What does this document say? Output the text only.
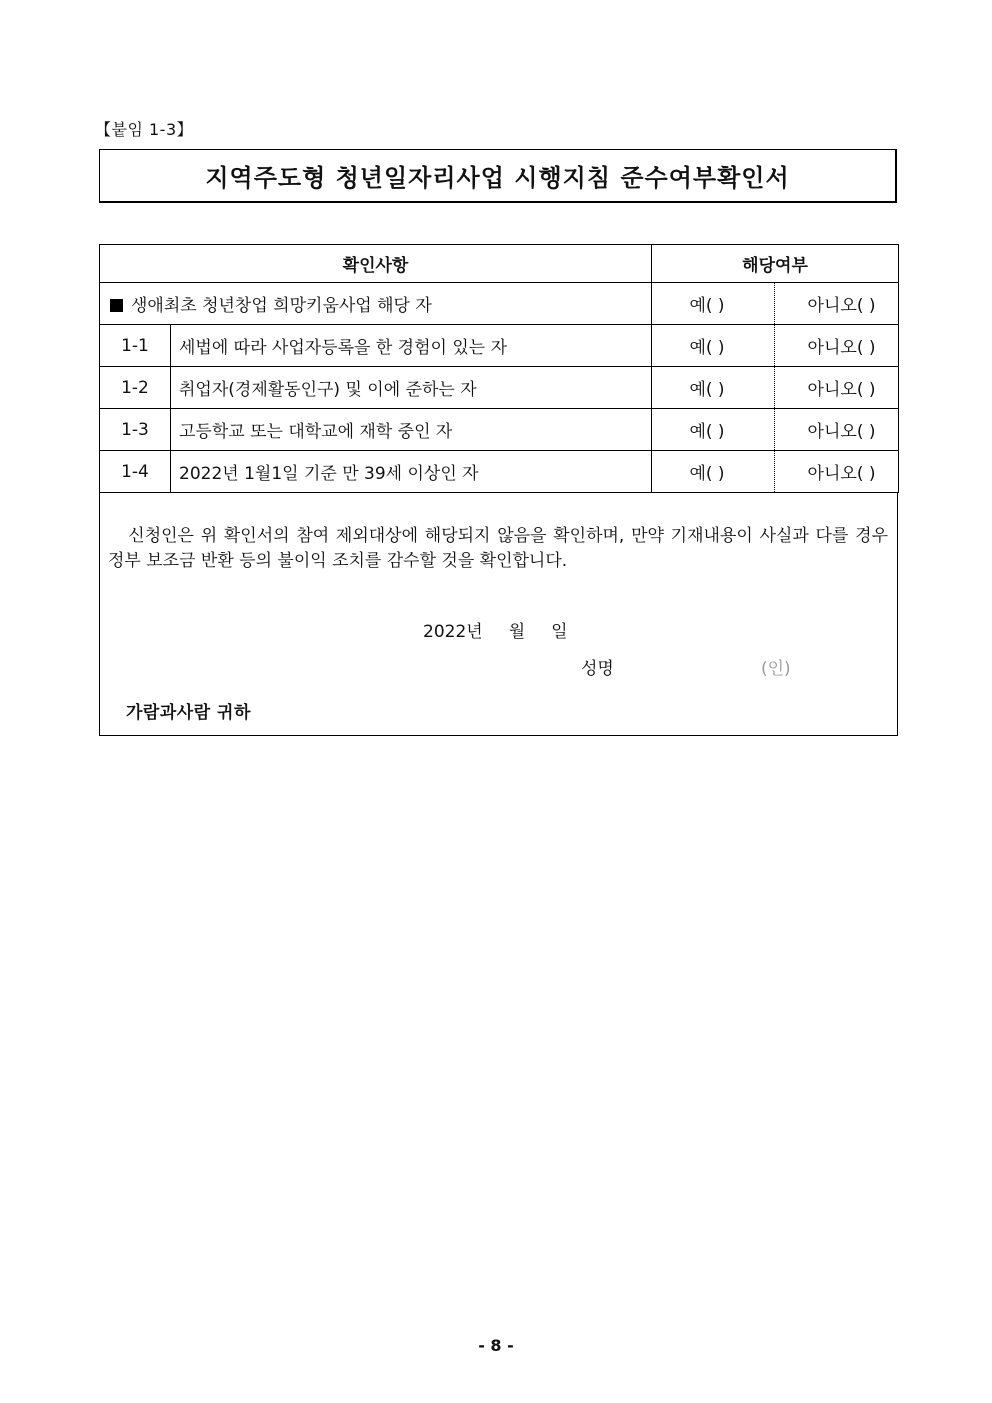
【붙임 1-3】
지역주도형 청년일자리사업 시행지침 준수여부확인서
확인사항		해당여부	
생애최초 청년창업 희망키움사업 해당 자		예( )	아니오( )
1-1	세법에 따라 사업자등록을 한 경험이 있는 자	예( )	아니오( )
1-2	취업자(경제활동인구) 및 이에 준하는 자	예( )	아니오( )
1-3	고등학교 또는 대학교에 재학 중인 자	예( )	아니오( )
1-4	2022년 1월1일 기준 만 39세 이상인 자	예( )	아니오( )
신청인은 위 확인서의 참여 제외대상에 해당되지 않음을 확인하며, 만약 기재내용이 사실과 다를 경우 정부 보조금 반환 등의 불이익 조치를 감수할 것을 확인합니다.
2022년 월 일
성명	(인)
가람과사람 귀하
- 8 -
